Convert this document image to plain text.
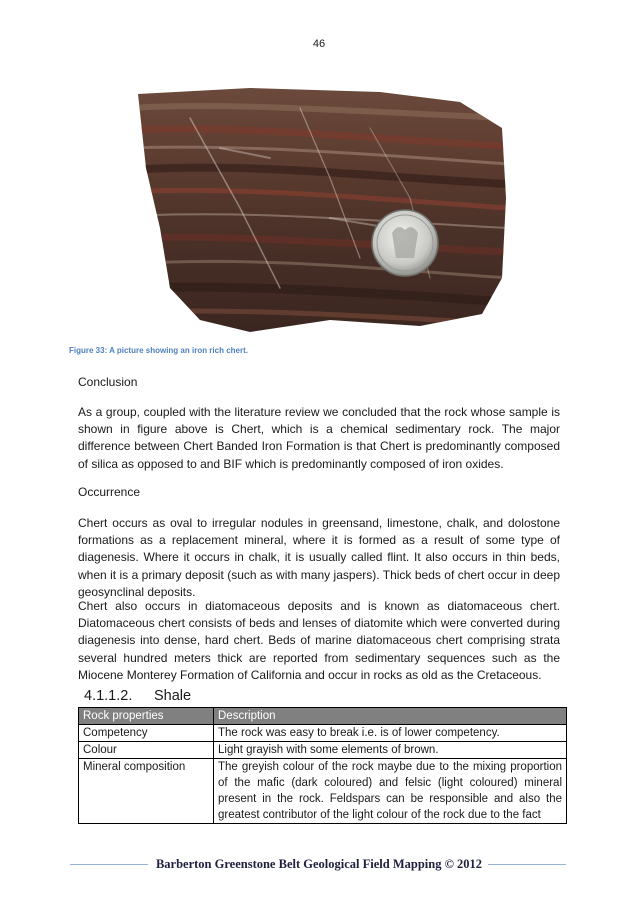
46
Figure 33: A picture showing an iron rich chert.
Conclusion

As a group, coupled with the literature review we concluded that the rock whose sample is shown in figure above is Chert, which is a chemical sedimentary rock. The major difference between Chert Banded Iron Formation is that Chert is predominantly composed of silica as opposed to and BIF which is predominantly composed of iron oxides.

Occurrence

Chert occurs as oval to irregular nodules in greensand, limestone, chalk, and dolostone formations as a replacement mineral, where it is formed as a result of some type of diagenesis. Where it occurs in chalk, it is usually called flint. It also occurs in thin beds, when it is a primary deposit (such as with many jaspers). Thick beds of chert occur in deep geosynclinal deposits.

Chert also occurs in diatomaceous deposits and is known as diatomaceous chert. Diatomaceous chert consists of beds and lenses of diatomite which were converted during diagenesis into dense, hard chert. Beds of marine diatomaceous chert comprising strata several hundred meters thick are reported from sedimentary sequences such as the Miocene Monterey Formation of California and occur in rocks as old as the Cretaceous.

4.1.1.2. Shale
Rock properties	Description
Competency	The rock was easy to break i.e. is of lower competency.
Colour	Light grayish with some elements of brown.
Mineral composition	The greyish colour of the rock maybe due to the mixing proportion of the mafic (dark coloured) and felsic (light coloured) mineral present in the rock. Feldspars can be responsible and also the greatest contributor of the light colour of the rock due to the fact
Barberton Greenstone Belt Geological Field Mapping © 2012
